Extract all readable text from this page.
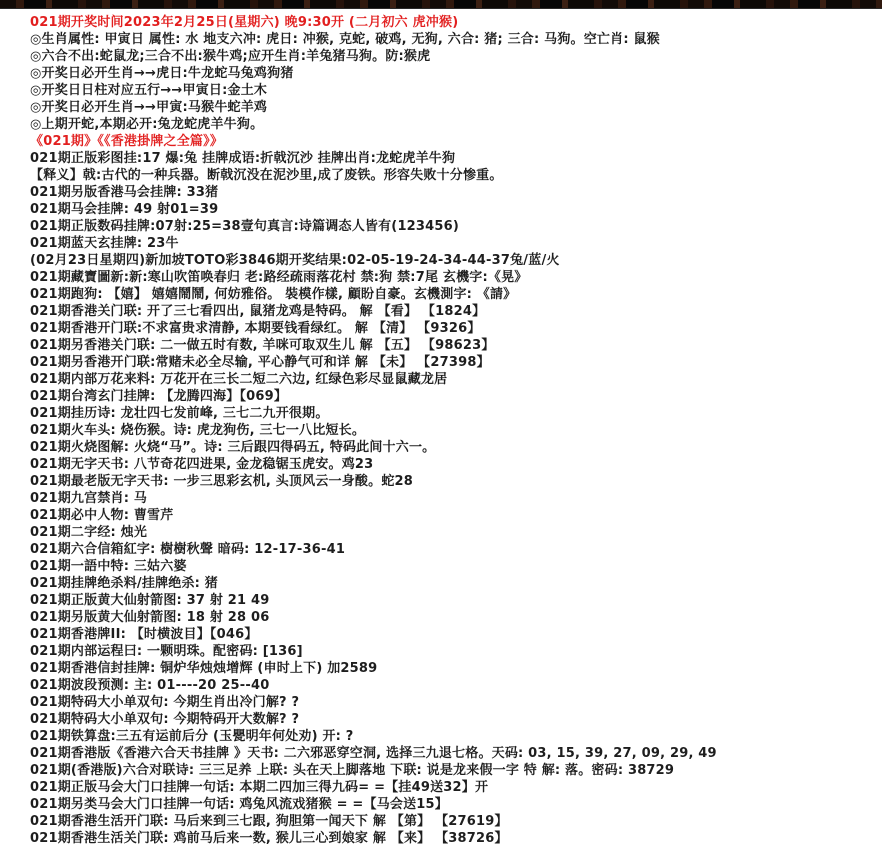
021期开奖时间2023年2月25日(星期六) 晚9:30开 (二月初六 虎冲猴)
◎生肖属性: 甲寅日 属性: 水 地支六冲: 虎日: 冲猴, 克蛇, 破鸡, 无狗, 六合: 猪; 三合: 马狗。空亡肖: 鼠猴
◎六合不出:蛇鼠龙;三合不出:猴牛鸡;应开生肖:羊兔猪马狗。防:猴虎
◎开奖日必开生肖→→虎日:牛龙蛇马兔鸡狗猪
◎开奖日日柱对应五行→→甲寅日:金土木
◎开奖日必开生肖→→甲寅:马猴牛蛇羊鸡
◎上期开蛇,本期必开:兔龙蛇虎羊牛狗。
《021期》《《香港掛牌之全篇》》
021期正版彩图挂:17 爆:兔 挂牌成语:折戟沉沙 挂牌出肖:龙蛇虎羊牛狗
【释义】戟:古代的一种兵器。断戟沉没在泥沙里,成了废铁。形容失败十分惨重。
021期另版香港马会挂牌: 33猪
021期马会挂牌: 49 射01=39
021期正版数码挂牌:07射:25=38壹句真言:诗篇调态人皆有(123456)
021期蓝天玄挂牌: 23牛
(02月23日星期四)新加坡TOTO彩3846期开奖结果:02-05-19-24-34-44-37兔/蓝/火
021期藏寶圖新:新:寒山吹笛唤春归 老:路经疏雨落花村 禁:狗 禁:7尾 玄機字:《晃》
021期跑狗: 【嬉】 嬉嬉鬧鬧, 何妨雅俗。 裝模作樣, 顧盼自豪。玄機測字: 《請》
021期香港关门联: 开了三七看四出, 鼠猪龙鸡是特码。 解 【看】 【1824】
021期香港开门联:不求富贵求清静, 本期要钱看绿红。 解 【清】 【9326】
021期另香港关门联: 二一做五时有数, 羊咪可取双生儿 解 【五】 【98623】
021期另香港开门联:常赌未必全尽输, 平心静气可和详 解 【未】 【27398】
021期内部万花来料: 万花开在三长二短二六边, 红绿色彩尽显鼠藏龙居
021期台湾玄门挂牌: 【龙腾四海】【069】
021期挂历诗: 龙壮四七发前峰, 三七二九开很期。
021期火车头: 烧伤猴。诗: 虎龙狗伤, 三七一八比短长。
021期火烧图解: 火烧“马”。诗: 三后跟四得码五, 特码此间十六一。
021期无字天书: 八节奇花四进果, 金龙稳锯玉虎安。鸡23
021期最老版无字天书: 一步三思彩玄机, 头顶风云一身酸。蛇28
021期九宫禁肖: 马
021期必中人物: 曹雪芹
021期二字经: 烛光
021期六合信箱紅字: 樹樹秋聲 暗码: 12-17-36-41
021期一語中特: 三姑六婆
021期挂牌绝杀料/挂牌绝杀: 猪
021期正版黄大仙射箭图: 37 射 21 49
021期另版黄大仙射箭图: 18 射 28 06
021期香港牌II: 【时横波目】【046】
021期内部运程曰: 一颗明珠。配密码: [136]
021期香港信封挂牌: 铜炉华烛烛增辉 (申时上下) 加2589
021期波段预测: 主: 01----20 25--40
021期特码大小单双句: 今期生肖出冷门解? ?
021期特码大小单双句: 今期特码开大数解? ?
021期铁算盘:三五有运前后分 (玉甖明年何处劝) 开: ?
021期香港版《香港六合天书挂牌 》天书: 二六邪恶穿空洞, 选择三九退七格。天码: 03, 15, 39, 27, 09, 29, 49
021期(香港版)六合对联诗: 三三足养 上联: 头在天上脚落地 下联: 说是龙来假一字 特 解: 落。密码: 38729
021期正版马会大门口挂牌一句话: 本期二四加三得九码= =【挂49送32】开
021期另类马会大门口挂牌一句话: 鸡兔风流戏猪猴 = =【马会送15】
021期香港生活开门联: 马后来到三七跟, 狗胆第一闻天下 解 【第】 【27619】
021期香港生活关门联: 鸡前马后来一数, 猴儿三心到娘家 解 【来】 【38726】
